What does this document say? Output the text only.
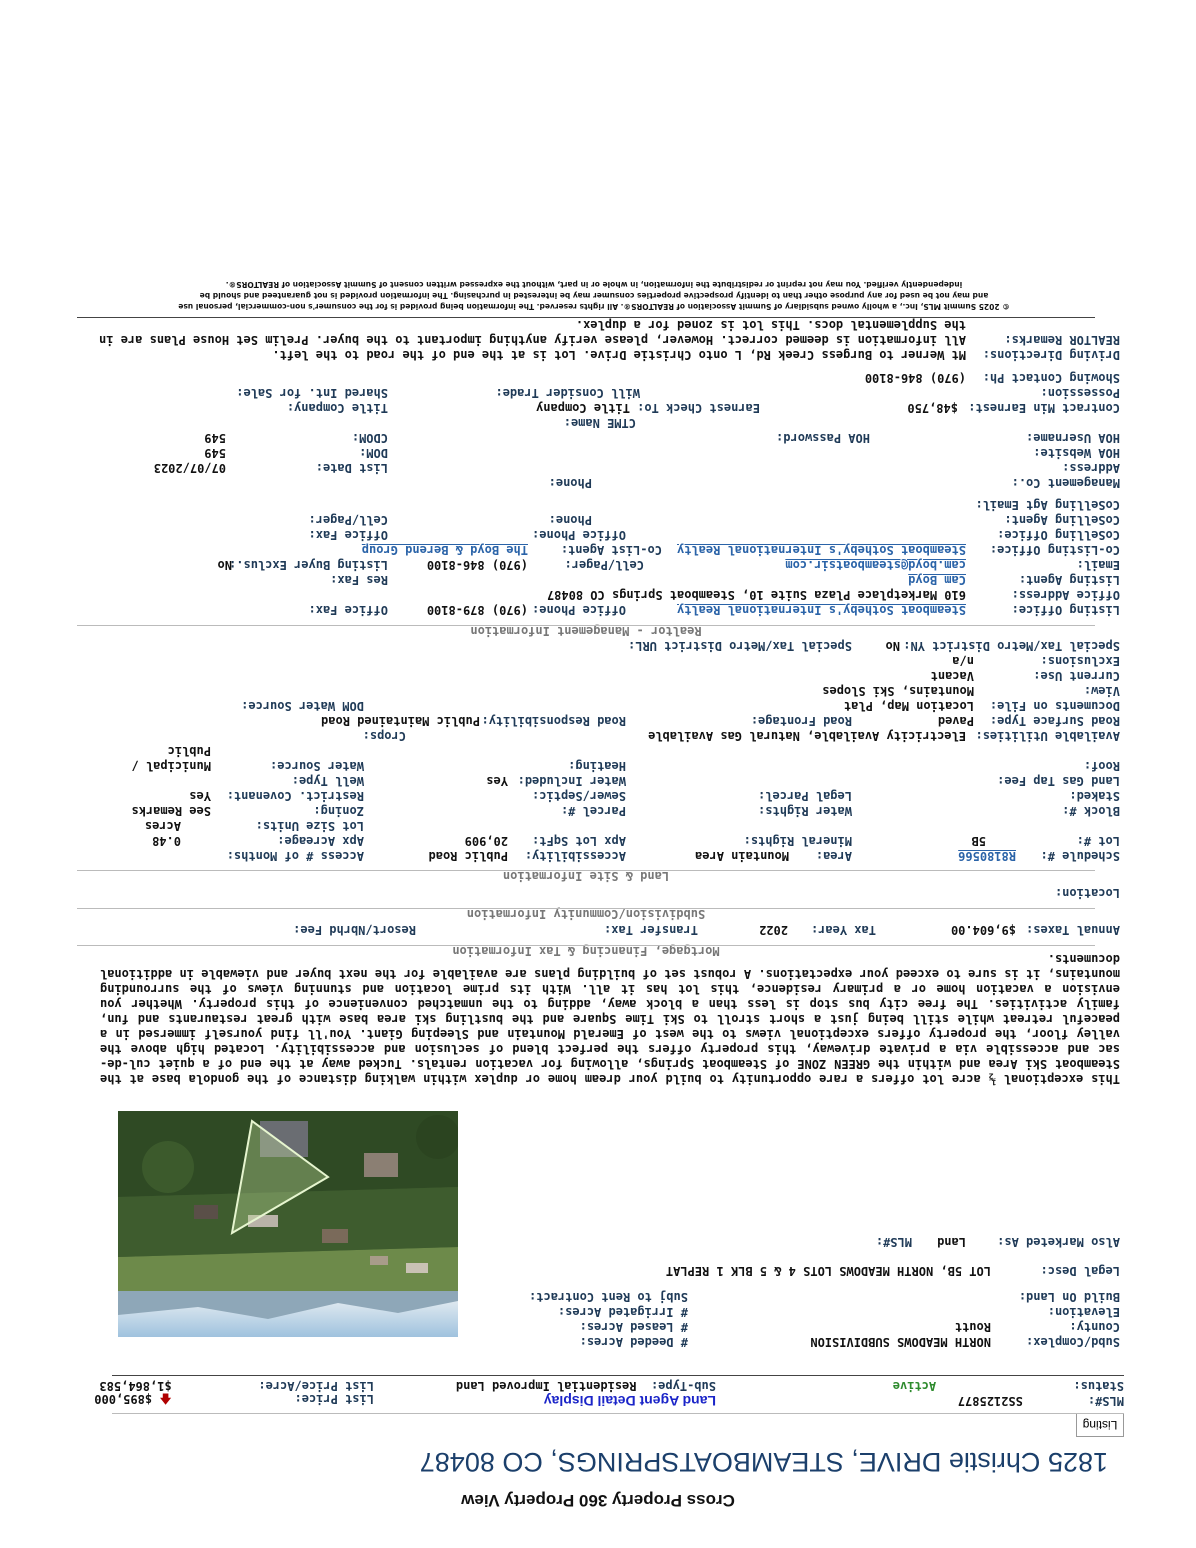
Cross Property 360 Property View
1825 Christie DRIVE, STEAMBOATSPRINGS, CO 80487
Listing
MLS#:         SS2125877
Status:                   Active
Land Agent Detail Display
Sub-Type:  Residential Improved Land
List Price:                 🡅 $895,000
List Price/Acre:            $1,864,583
Subd/Complex:
NORTH MEADOWS SUBDIVISION
# Deeded Acres:
County:
Routt
# Leased Acres:
Elevation:
# Irrigated Acres:
Build On Land:
Subj to Rent Contract:
Legal Desc:
LOT 5B, NORTH MEADOWS LOTS 4 & 5 BLK 1 REPLAT
Also Marketed As:
Land
MLS#:

This exceptional ½ acre lot offers a rare opportunity to build your dream home or duplex within walking distance of the gondola base at the Steamboat Ski Area and within the GREEN ZONE of Steamboat Springs, allowing for vacation rentals. Tucked away at the end of a quiet cul-de-sac and accessible via a private driveway, this property offers the perfect blend of seclusion and accessibility. Located high above the valley floor, the property offers exceptional views to the west of Emerald Mountain and Sleeping Giant. You'll find yourself immersed in a peaceful retreat while still being just a short stroll to Ski Time Square and the bustling ski area base with great restaurants and fun, family activities. The free city bus stop is less than a block away, adding to the unmatched convenience of this property. Whether you envision a vacation home or a primary residence, this lot has it all. With its prime location and stunning views of the surrounding mountains, it is sure to exceed your expectations. A robust set of building plans are available for the next buyer and viewable in additional documents.

Mortgage, Financing & Tax Information
Annual Taxes:
$9,604.00
Tax Year:
2022
Transfer Tax:
Resort/Nbrhd Fee:
Subdivision/Community Information
Location:
Land & Site Information
Schedule #:
R8180566
Area:
Mountain Area
Accessibility:
Public Road
Access # of Months:
Lot #:
5B
Mineral Rights:
Apx Lot SqFt:
20,909
Apx Acreage:
0.48
Lot Size Units:
Acres
Block #:
Water Rights:
Parcel #:
Zoning:
See Remarks
Staked:
Legal Parcel:
Sewer/Septic:
Restrict. Covenant:
Yes
Land Gas Tap Fee:
Water Included:
Yes
Well Type:
Roof:
Heating:
Water Source:
Municipal /
Public
Available Utilities:
Electricity Available, Natural Gas Available
Crops:
Road Surface Type:
Paved
Road Frontage:
Road Responsibility:
Public Maintained Road
Documents on File:
Location Map, Plat
DOM Water Source:
View:
Mountains, Ski Slopes
Current Use:
Vacant
Exclusions:
n/a
Special Tax/Metro District YN:
No
Special Tax/Metro District URL:
Realtor - Management Information
Listing Office:
Steamboat Sotheby's International Realty
Office Phone:
(970) 879-8100
Office Fax:
Office Address:
610 Marketplace Plaza Suite 10, Steamboat Springs CO 80487
Listing Agent:
Cam Boyd
Res Fax:
Email:
cam.boyd@steamboatsir.com
Cell/Pager:
(970) 846-8100
Listing Buyer Exclus.:
No
Co-Listing Office:
Steamboat Sotheby's International Realty
Co-List Agent:
The Boyd & Berend Group
CoSelling Office:
Office Phone:
Office Fax:
CoSelling Agent:
Phone:
Cell/Pager:
CoSelling Agt Email:
Management Co.:
Phone:
Address:
List Date:
07/07/2023
HOA Website:
DOM:
549
HOA Username:
HOA Password:
CDOM:
549
CTME Name:
Contract Min Earnest:
$48,750
Earnest Check To:
Title Company
Title Company:
Possession:
Will Consider Trade:
Shared Int. for Sale:
Showing Contact Ph:
(970) 846-8100
Driving Directions:
Mt Werner to Burgess Creek Rd, L onto Christie Drive. Lot is at the end of the road to the left.
REALTOR Remarks:
All information is deemed correct. However, please verify anything important to the buyer. Prelim Set House Plans are in
the Supplemental docs. This lot is zoned for a duplex.
© 2025 Summit MLS, Inc., a wholly owned subsidiary of Summit Association of REALTORS®. All rights reserved. The information being provided is for the consumer's non-commercial, personal use
and may not be used for any purpose other than to identify prospective properties consumer may be interested in purchasing. The information provided is not guaranteed and should be
independently verified. You may not reprint or redistribute the information, in whole or in part, without the expressed written consent of Summit Association of REALTORS®.
